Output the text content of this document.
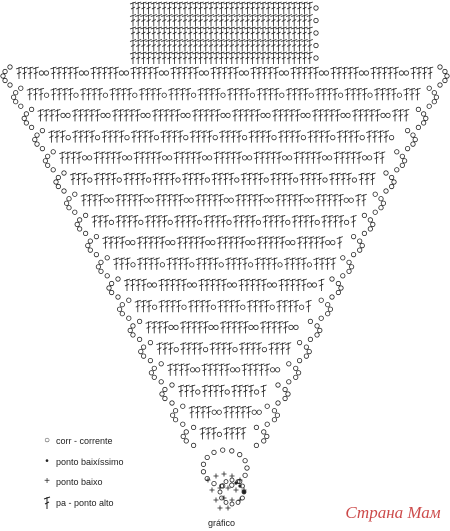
○ corr - corrente
• ponto baixíssimo
+ ponto baixo
pa - ponto alto
gráfico
Страна Мам
